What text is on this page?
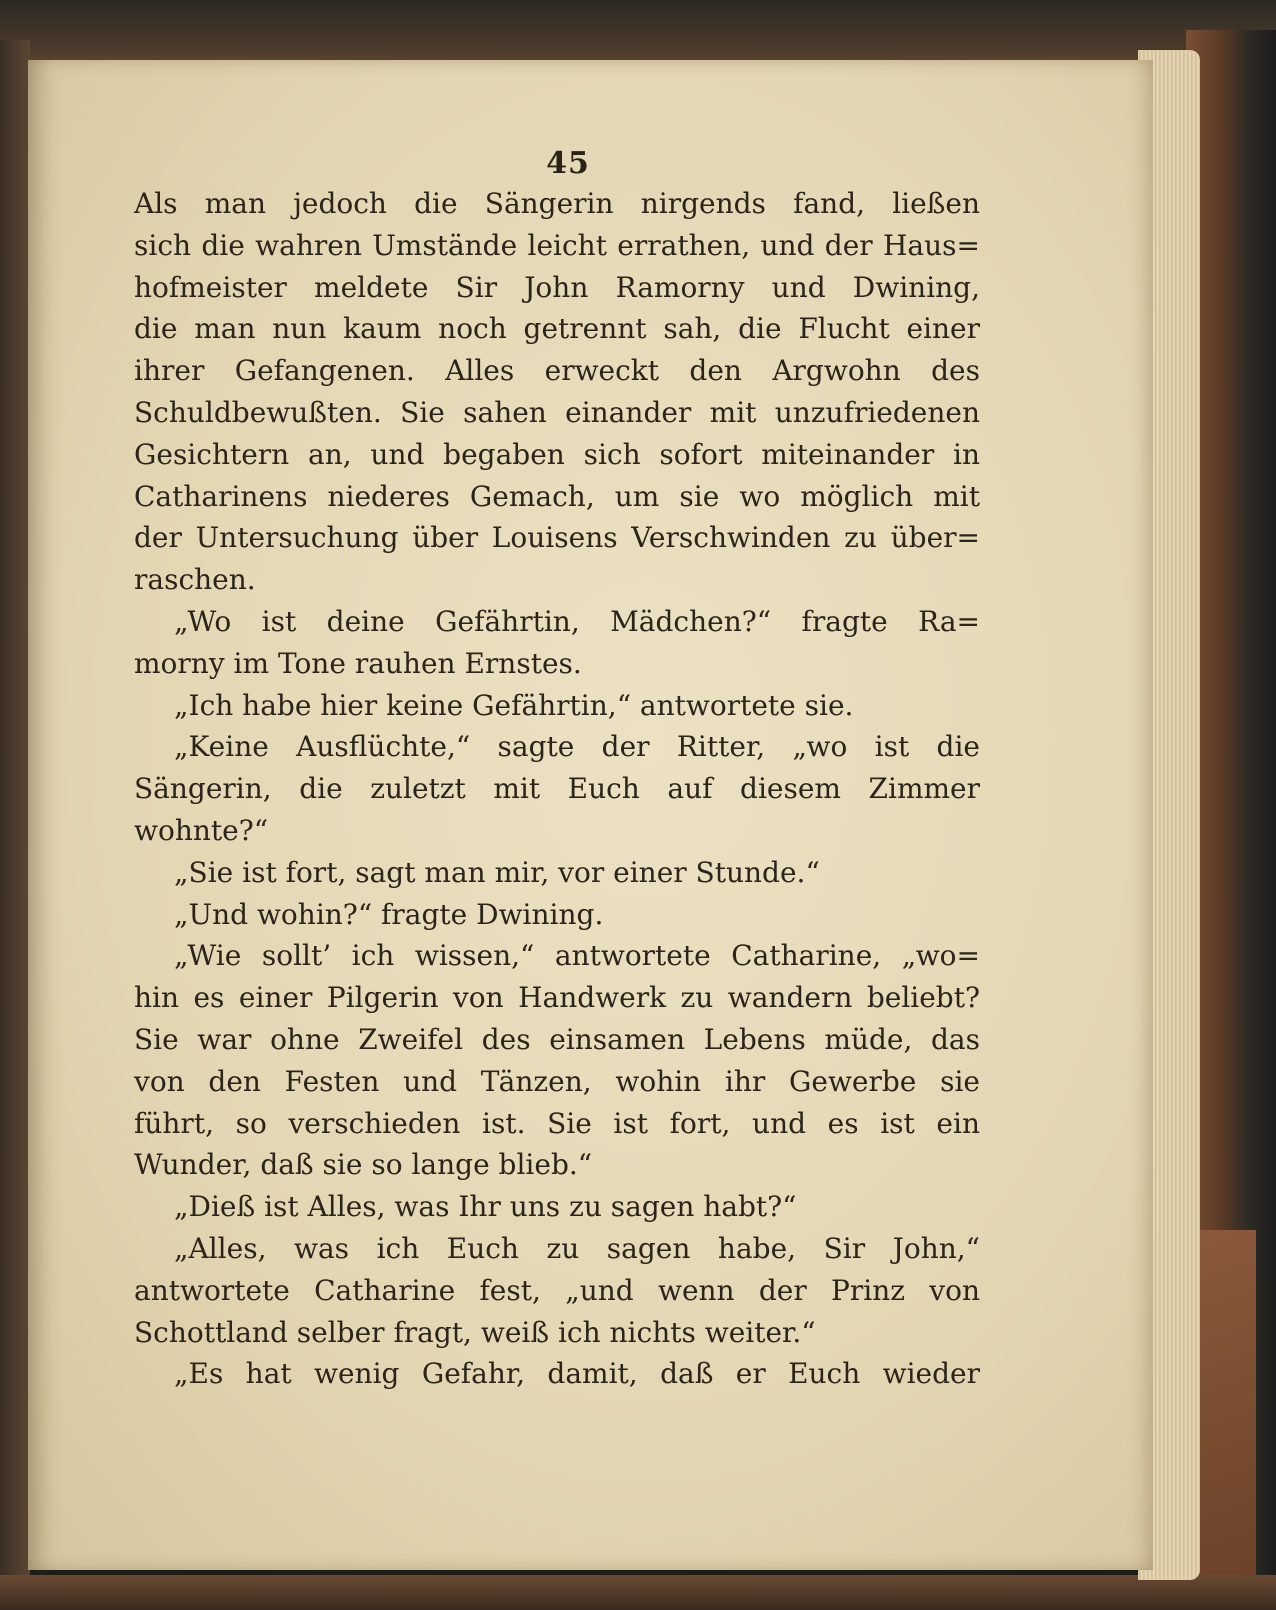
45
Als man jedoch die Sängerin nirgends fand, ließen
sich die wahren Umstände leicht errathen, und der Haus=
hofmeister meldete Sir John Ramorny und Dwining,
die man nun kaum noch getrennt sah, die Flucht einer
ihrer Gefangenen. Alles erweckt den Argwohn des
Schuldbewußten. Sie sahen einander mit unzufriedenen
Gesichtern an, und begaben sich sofort miteinander in
Catharinens niederes Gemach, um sie wo möglich mit
der Untersuchung über Louisens Verschwinden zu über=
raschen.
„Wo ist deine Gefährtin, Mädchen?“ fragte Ra=
morny im Tone rauhen Ernstes.
„Ich habe hier keine Gefährtin,“ antwortete sie.
„Keine Ausflüchte,“ sagte der Ritter, „wo ist die
Sängerin, die zuletzt mit Euch auf diesem Zimmer
wohnte?“
„Sie ist fort, sagt man mir, vor einer Stunde.“
„Und wohin?“ fragte Dwining.
„Wie sollt’ ich wissen,“ antwortete Catharine, „wo=
hin es einer Pilgerin von Handwerk zu wandern beliebt?
Sie war ohne Zweifel des einsamen Lebens müde, das
von den Festen und Tänzen, wohin ihr Gewerbe sie
führt, so verschieden ist. Sie ist fort, und es ist ein
Wunder, daß sie so lange blieb.“
„Dieß ist Alles, was Ihr uns zu sagen habt?“
„Alles, was ich Euch zu sagen habe, Sir John,“
antwortete Catharine fest, „und wenn der Prinz von
Schottland selber fragt, weiß ich nichts weiter.“
„Es hat wenig Gefahr, damit, daß er Euch wieder
